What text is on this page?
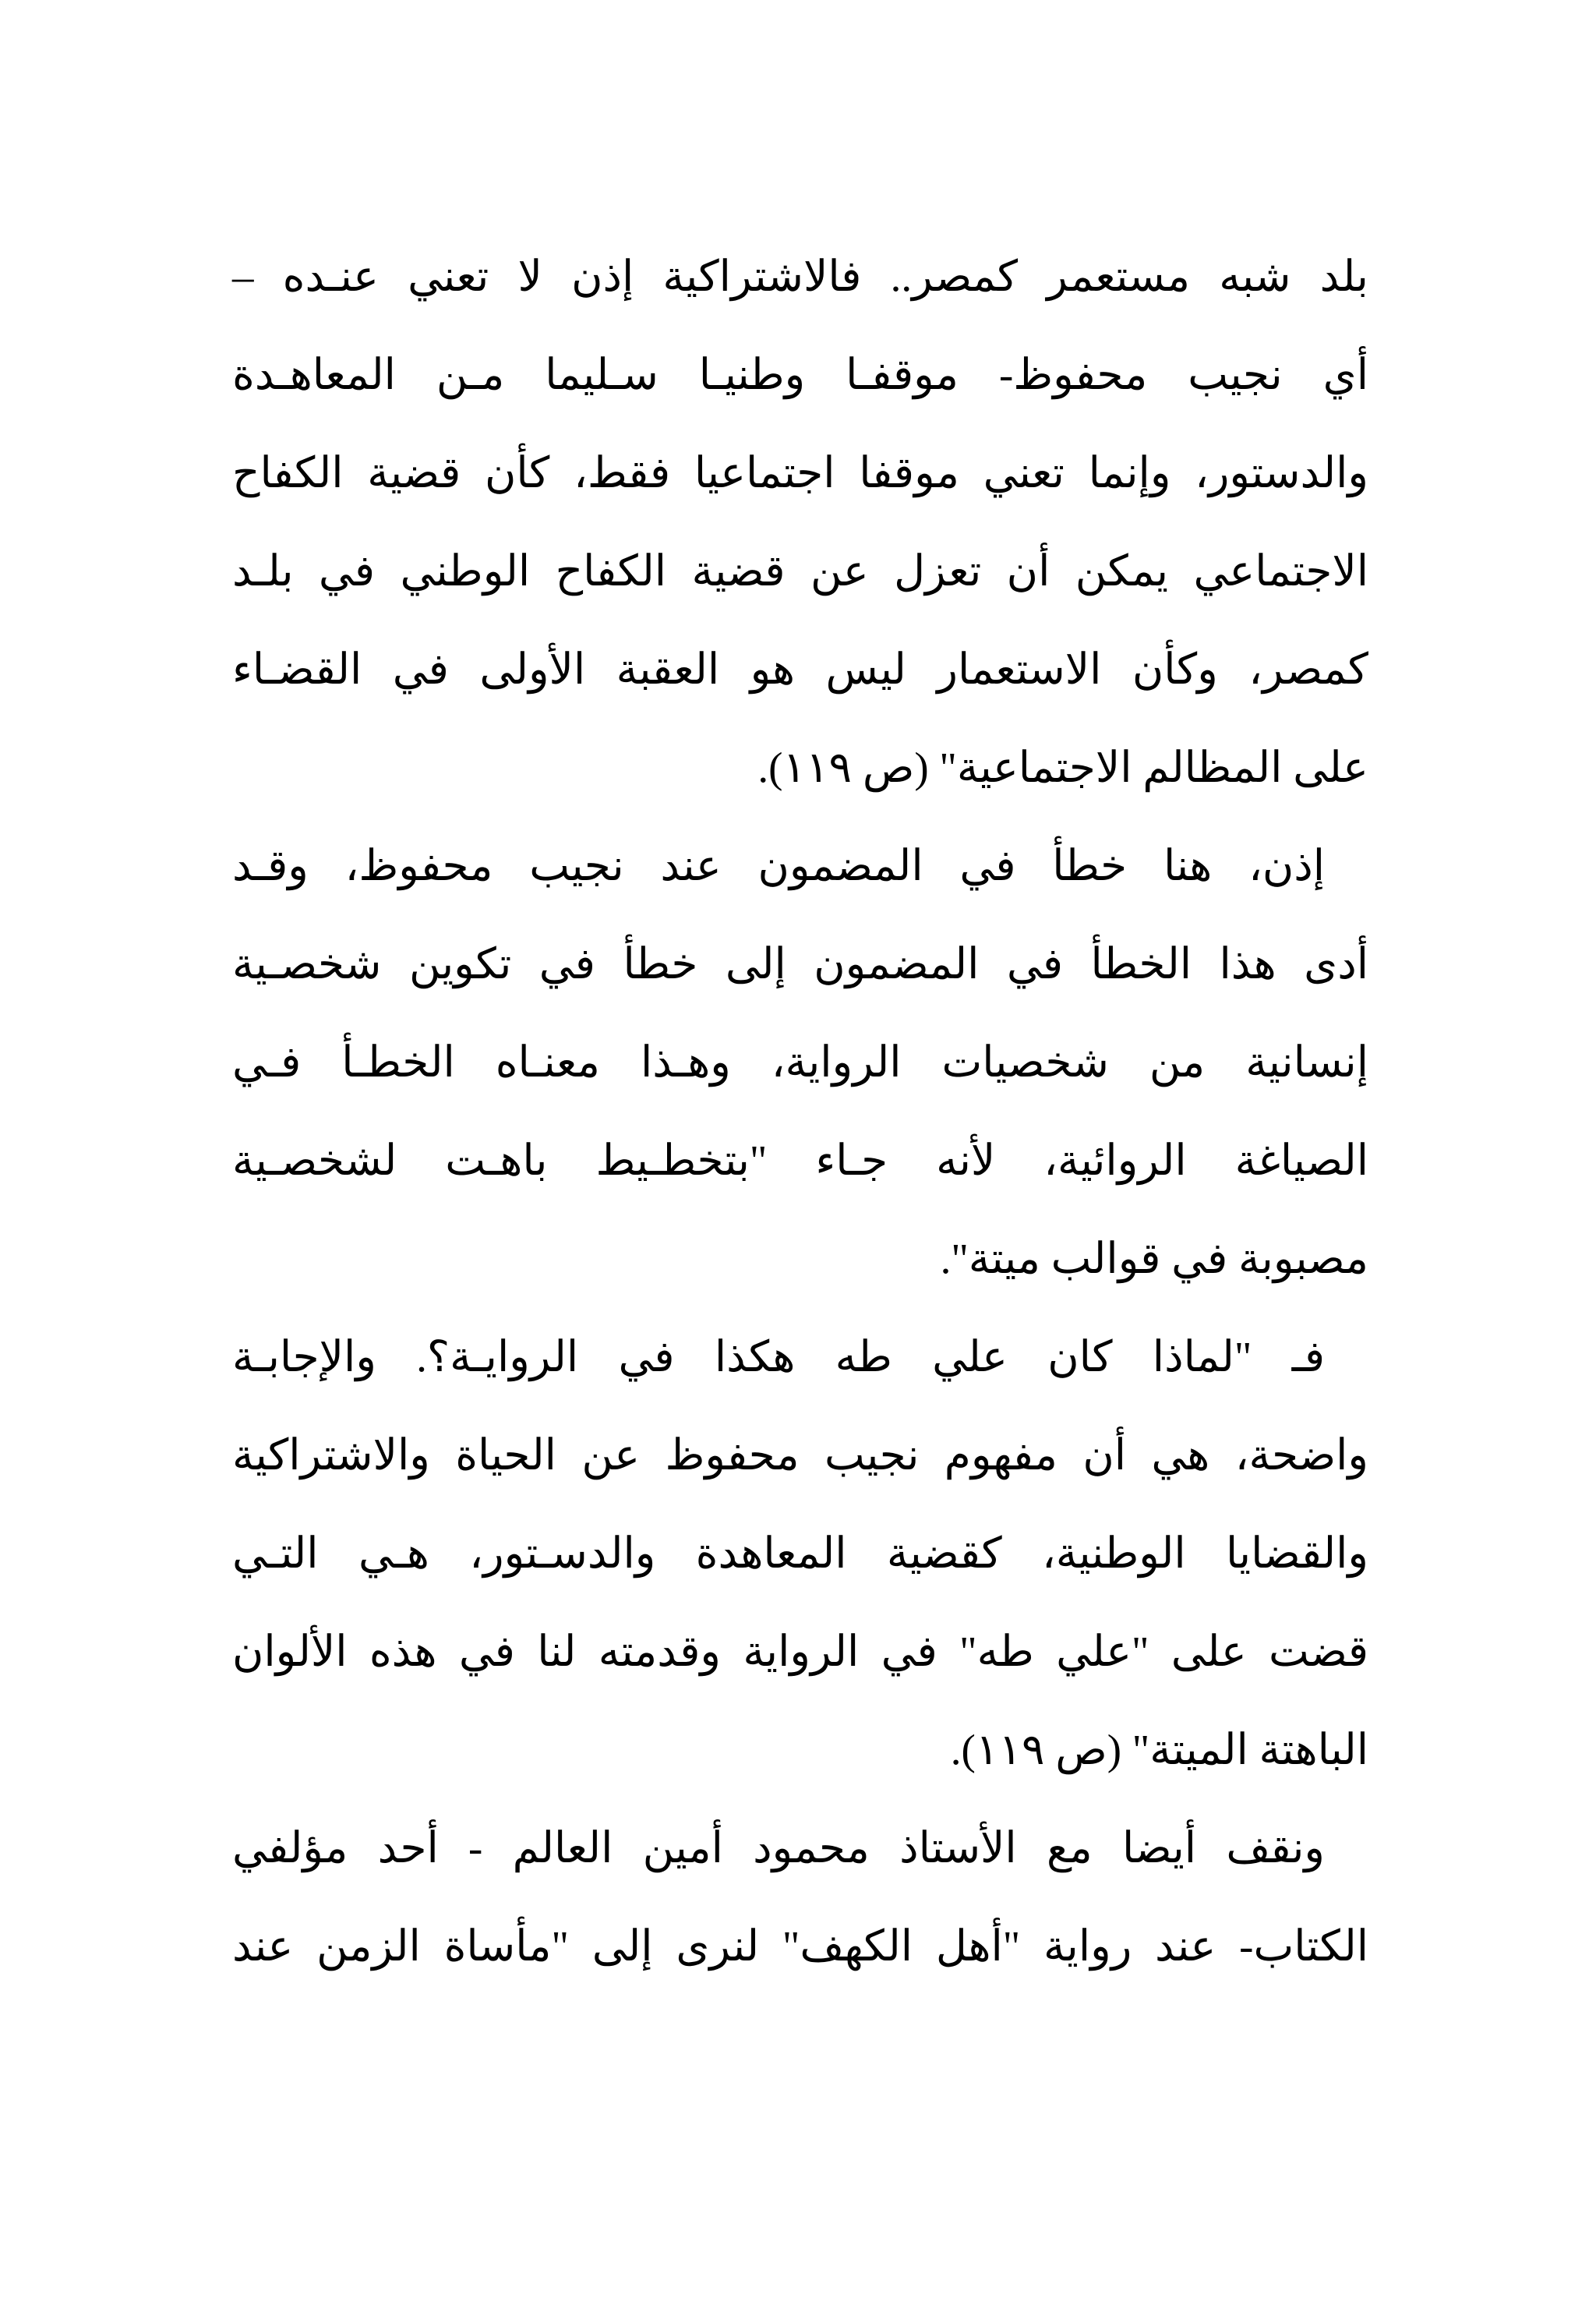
بلد شبه مستعمر كمصر.. فالاشتراكية إذن لا تعني عنـده –
أي نجيب محفوظ- موقفـا وطنيـا سـليما مـن المعاهـدة
والدستور، وإنما تعني موقفا اجتماعيا فقط، كأن قضية الكفاح
الاجتماعي يمكن أن تعزل عن قضية الكفاح الوطني في بلـد
كمصر، وكأن الاستعمار ليس هو العقبة الأولى في القضـاء
على المظالم الاجتماعية" (ص ١١٩).
إذن، هنا خطأ في المضمون عند نجيب محفوظ، وقـد
أدى هذا الخطأ في المضمون إلى خطأ في تكوين شخصـية
إنسانية من شخصيات الرواية، وهـذا معنـاه الخطـأ فـي
الصياغة الروائية، لأنه جـاء "بتخطـيط باهـت لشخصـية
مصبوبة في قوالب ميتة".
فـ "لماذا كان علي طه هكذا في الروايـة؟. والإجابـة
واضحة، هي أن مفهوم نجيب محفوظ عن الحياة والاشتراكية
والقضايا الوطنية، كقضية المعاهدة والدسـتور، هـي التـي
قضت على "علي طه" في الرواية وقدمته لنا في هذه الألوان
الباهتة الميتة" (ص ١١٩).
ونقف أيضا مع الأستاذ محمود أمين العالم - أحد مؤلفي
الكتاب- عند رواية "أهل الكهف" لنرى إلى "مأساة الزمن عند
